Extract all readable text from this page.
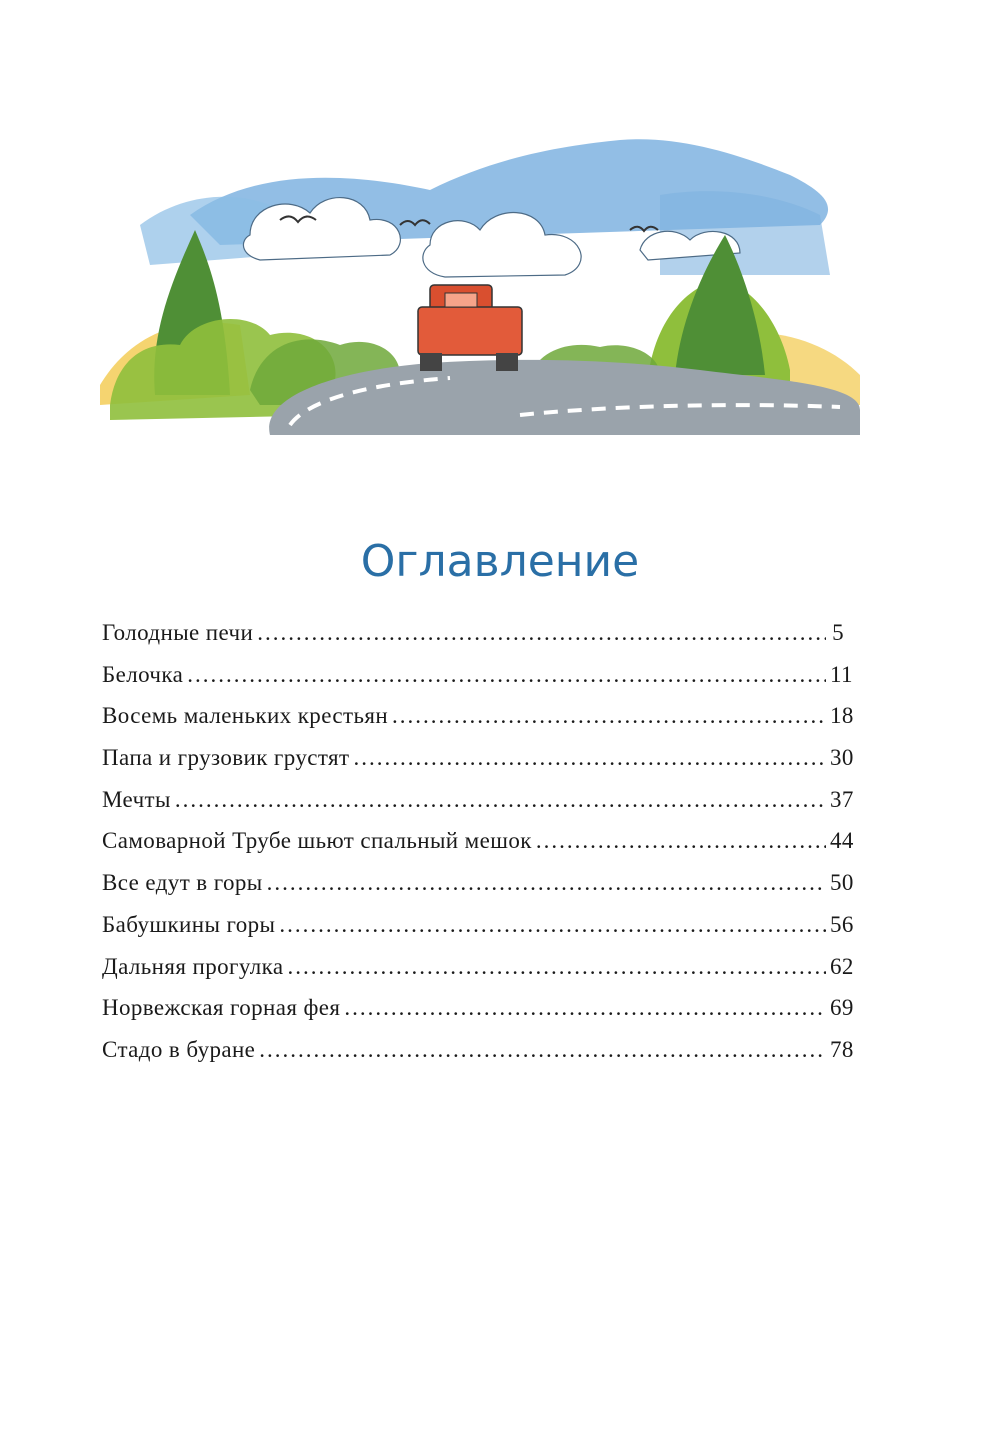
Оглавление
Голодные печи .....	5
Белочка .....	11
Восемь маленьких крестьян .....	18
Папа и грузовик грустят .....	30
Мечты .....	37
Самоварной Трубе шьют спальный мешок .....	44
Все едут в горы .....	50
Бабушкины горы .....	56
Дальняя прогулка .....	62
Норвежская горная фея .....	69
Стадо в буране .....	78
